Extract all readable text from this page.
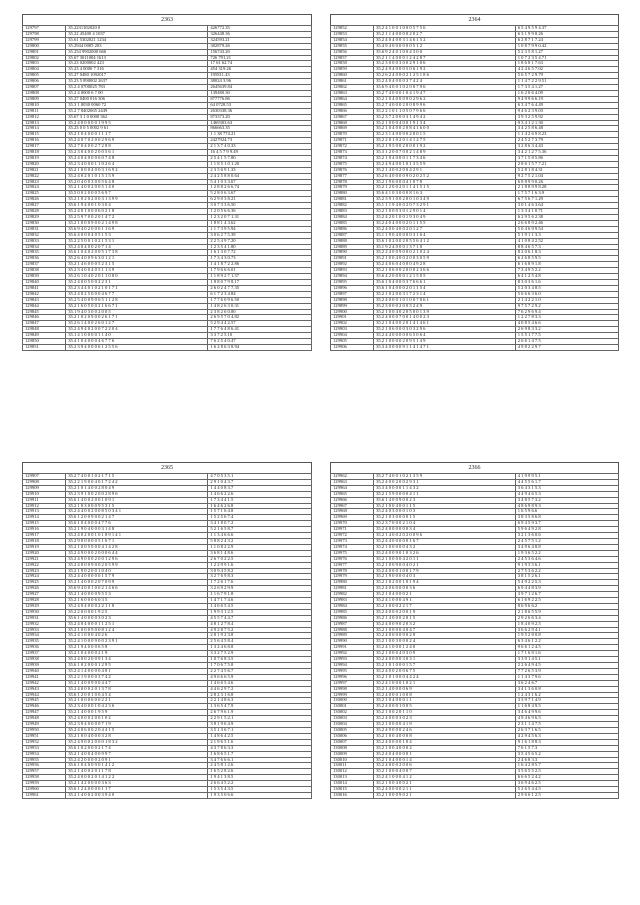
2363
129797	35.2231102020 0	426772.35
129798	35.22 45400 4 1037	326448.36
129799	35.61 5302021 1234	324593.21
129800	35.2944 0005 203	382879.26
129801	35.254 9902000 666	156743.20
129802	35.67 3011004 1613	726 791.21
129803	35.23 0200002 423	17 61 62.74
129804	35.23 4 0000 7 316	454 319.26
129805	35.27 0480 1092017	195811.43
129806	35.23 5 890002 2637	38024 3.96
129807	35.2 4 0700025 783	2645639.84
129808	35.2 4 0000 6 7 00	139480.30
129809	35.27 0400 016 306	877776.86
129810	35.3 1 0030 0060 72	64 0728.53
129811	35.2 7 8402065 2449	2630338.36
129812	35.67 3 1 0 0000 362	873373.20
129813	35.2 4 0 0 0 0 0 1 9 9 5	1469303.63
129814	35.23 0 0 5 0002 9 61	866663.35
129815	35.2 1 0 4 0 0 0 1 1 1 7	1 1 38 774.21
129816	35.2 4 0 7 0 2 0 0 2 9 6 9	2427924.73
129817	35.2 7 0 4 0 0 2 7 2 8 8	2 1 3 7 4 0.33
129818	35.2 3 0 4 0 0 2 0 0 5 6 1	16 4 5 7 9 9.49
129819	35.2 4 0 4 0 0 0 6 0 7 4 8	2 5 4 1 5 7.80
129820	35.2 3 4 0 0 0 1 1 0 2 6 4	1 1 8 5 1 0 1.20
129821	35.2 1 0 0 0 4 0 0 3 1 6 9 2	2 3 5 6 9 1.33
129822	35.2 4 0 2 0 1 0 1 5 1 5 9	2 4 2 5 8 8 0.64
129823	35.2 0 4 0 0 3 0 0 5 6 4 8	5 4 1 0 3 3.67
129824	35.2 1 4 0 0 2 0 0 5 1 4 0	1 2 8 8 2 6 6.74
129825	35.5 0 0 2 0 0 0 5 6 9 7	5 2 8 0 6 3.67
129826	35.2 1 0 2 0 2 0 0 3 1 3 9 9	6 2 9 0 3 8.21
129827	35.6 1 9 4 0 0 1 0 3 0 4	3 0 7 3 3 6.50
129828	35.2 4 0 1 0 0 0 6 0 2 1 8	1 2 0 5 6 6.36
129829	35.2 5 9 7 0 0 2 0 1 4 7 2	1 2 3 2 0 7 1.31
129830	35.2 1 0 0 0 9 0 0 2 1 4 9 8	1 8 8 1 4 3.62
129831	35.6 9 4 0 2 0 0 0 1 1 6 9	1 1 7 3 9 5.94
129832	35.6 4 0 0 0 4 0 5 1 5 3	3 0 6 2 7 5.39
129833	35.2 2 5 0 0 1 0 2 1 5 3 1	2 2 5 4 9 7.20
129834	35.2 4 0 4 0 0 2 0 7 1 4	1 2 3 5 4 1.80
129835	35.6 1 0 4 0 2 0 0 5 1 7 3 8	1 6 1 3 0 7.72
129836	35.2 6 4 0 0 9 6 3 0 1 2 1	1 7 3 4 3 0.73
129837	35.2 1 4 6 0 0 0 5 2 3 1 5	1 4 1 8 7 2 2.86
129838	35.2 3 4 0 0 4 0 5 1 1 3 9	1 7 9 6 6 6.01
129839	35.2 6 1 0 4 0 2 0 1 1 0 8 0	1 1 8 9 2 7 1.57
129840	35.2 4 0 0 5 0 0 2 2 3 1	1 8 8 0 7 9 8.17
129841	35.2 3 4 4 0 1 0 2 1 0 1 7 1	2 6 0 2 4 7 7.35
129842	35.2 4 0 2 5 0 0 0 4 6 7 7	6 1 7 2 3 4.84
129843	35.2 5 4 0 0 9 0 6 5 1 1 2 8	1 7 7 6 0 9 6.50
129844	35.2 1 6 0 5 0 0 2 1 6 6 7 1	1 4 8 2 6 3 0.31
129845	35.1 9 4 0 3 0 0 2 0 0 5	2 3 8 2 6 0.80
129846	35.2 1 0 2 0 9 0 0 2 6 1 7 1	2 6 9 5 7 0 4.82
129847	35.2 6 1 4 0 0 2 6 0 1 2 7	5 2 9 4 4 2.57
129848	35.2 4 9 4 0 2 0 0 7 2 2 0 4	1 7 7 6 4 8 6.41
129849	35.1 4 1 0 0 0 0 1 1 4 0	3 3 7 2 5.10
129850	35.4 1 0 4 0 0 0 4 6 7 7 6	7 6 2 5 4 0.47
129851	35.2 3 9 4 0 0 0 6 1 2 5 5 6	1 6 2 8 6 3 8.94
2364
129852	35.2 4 1 0 0 1 0 0 0 5 7 5 6	6 5 4 9 5 9 4.37
129853	35.2 1 1 4 0 0 0 0 2 0 2 7	6 3 1 9 9 8.26
129854	35.2 4 0 4 0 0 3 1 4 6 1 5 2	6 2 8 7 1 7.24
129855	35.4 9 4 0 0 0 0 0 0 5 1 2	1 0 8 7 9 9 0.42
129856	35.6 9 2 4 0 1 0 0 4 3 0 0	5 2 3 5 8 1.27
129857	35.2 1 1 4 0 0 0 1 2 4 2 8 7	1 0 7 2 3 5 4.71
129858	35.2 3 0 0 0 3 0 0 2 9 1 0 6	1 8 6 8 1 7.63
129859	35.2 4 9 4 0 0 0 5 0 6 1 9 2	4 2 4 6 5 7.02
129860	35.2 6 2 4 0 0 0 2 1 2 5 1 8 6	5 6 5 7 2 9.79
129861	35.2 4 0 4 0 0 0 3 7 4 2 4	1 1 4 7 2 2 9.51
129862	35.6 9 4 0 0 1 0 2 0 0 7 9 6	1 7 3 5 4 1.27
129863	35.2 7 4 0 0 0 1 0 4 1 9 4 7	1 6 2 0 6 4.09
129864	35.2 1 0 4 0 0 0 9 0 2 9 6 2	9 4 9 9 6 6.19
129865	35.2 7 4 0 0 0 2 0 0 8 9 9 6	6 3 4 7 6 4.49
129866	35.2 2 1 0 1 1 0 5 0 7 9 6 6	9 4 6 2 3 9.03
129867	35.2 3 7 2 0 0 0 3 1 4 9 4 2	3 9 3 2 5 9.92
129868	35.2 1 0 0 0 4 0 0 1 9 1 3 4	9 3 4 1 2 1.30
129869	35.2 1 0 4 0 0 2 0 8 4 1 6 0 0	3 4 2 5 8 6.48
129870	35.2 3 1 4 0 0 9 0 2 0 0 1 5	1 1 4 2 6 9 8.23
129871	35.2 2 0 1 0 2 0 1 4 1 2 7 5	2 4 5 2 7 3.79
129872	35.2 1 9 5 0 0 2 0 0 0 1 9 2	3 2 8 6 3 4.43
129873	35.3 1 2 0 0 7 0 0 2 1 4 8 9	3 4 2 1 2 7 5.36
129874	35.2 1 9 4 0 0 0 1 1 7 3 4 6	3 7 1 5 8 5.86
129875	35.2 4 9 4 0 0 1 0 1 3 5 5 9	2 8 6 1 5 7 7.21
129876	35.2 1 4 0 0 2 0 0 4 2 9 1	5 2 8 1 8 4.31
129877	35.2 6 4 0 0 0 0 9 0 2 0 2 5 2	9 2 7 5 2 1.04
129878	35.2 1 9 6 0 0 0 4 1 0 7 8	6 8 8 9 9 0.26
129879	35.2 1 2 0 0 2 0 1 1 4 1 5 1 5	2 1 8 8 9 9 8.28
129880	35.6 4 1 0 3 0 0 0 8 1 6 3	1 7 5 7 1 6 3.9
129881	35.2 3 9 1 0 0 2 0 0 1 0 3 4 9	6 7 5 6 7 1.29
129882	35.1 1 1 9 4 0 0 2 0 7 3 2 9 1	3 0 1 4 6 3.64
129883	35.2 1 0 0 0 3 0 1 2 9 0 1 4	1 3 3 4 1 0.71
129884	35.2 4 2 0 1 0 0 1 9 3 0 4 9	6 2 9 5 6 2.38
129885	35.2 4 0 4 0 0 0 2 0 1 1 5 5	2 6 6 8 9 2.46
129886	35.2 4 0 0 4 0 0 2 0 1 2 7	5 0 4 6 9 9.54
129887	35.1 1 9 0 4 0 0 0 0 3 1 6 4	5 1 9 1 1 3.3
129888	35.6 1 0 2 0 0 2 0 5 5 6 4 1 2	4 1 0 8 4 2.52
129889	35.1 9 2 4 0 0 0 1 3 7 1 0	8 8 4 6 5 7.3
129890	35.2 2 4 0 0 9 0 0 0 2 1 0 2 4	8 2 0 6 1 8.3
129891	35.2 1 0 0 4 0 0 2 0 0 3 0 5 9	6 2 6 8 5 9.5
129892	35.2 4 0 6 0 4 0 0 0 4 9 2 8	6 1 6 8 9 1.8
129893	35.2 1 0 6 0 0 2 0 0 0 2 3 6 6	7 3 4 9 5 2.2
129894	35.6 4 2 0 0 0 0 1 2 1 5 0 5	6 4 1 2 5 4.8
129895	35.6 1 0 4 0 0 0 3 7 6 6 6 1	8 3 0 3 6 1.6
129896	35.6 1 0 4 0 0 0 2 0 1 1 5 4	5 2 0 3 4 8.5
129897	35.2 1 0 2 0 0 3 1 7 2 3 1 4	5 6 6 6 3 6.0
129898	35.2 4 0 0 0 1 0 1 0 0 7 0 6 1	2 1 4 2 2 1.0
129899	35.2 3 0 0 0 2 0 0 5 2 4 9	9 7 5 7 2 9.2
129900	35.2 1 0 0 4 0 2 0 5 0 0 1 3 9	7 6 2 9 6 9.4
129901	35.2 4 0 0 0 7 0 0 1 4 0 0 2 3	1 2 2 7 8 3.3
129902	35.2 1 0 4 0 0 2 0 1 4 1 4 6 1	4 0 8 5 4 6.6
129903	35.2 1 0 6 0 0 0 3 0 3 2 9 6	2 6 9 8 3 3.2
129904	35.2 4 4 0 0 0 0 0 6 5 0 6 4	1 5 5 1 7 7.5
129905	35.2 1 0 0 0 0 2 0 9 5 1 4 9	2 6 6 1 4 7.5
129906	35.3 4 0 0 0 0 9 1 1 4 1 4 7 1	4 9 8 2 2 9.7
2365
129907	35.2 7 4 0 0 1 0 2 1 7 1 5	4 7 0 5 3 5.1
129908	35.2 2 1 9 0 0 4 0 1 7 2 4 2	2 9 1 0 4 3.7
129909	35.2 1 0 1 4 0 0 2 8 0 4 9	1 4 4 0 8 3.7
129910	35.2 3 9 1 0 0 2 0 0 2 8 9 6	1 4 6 6 2 2.6
129911	35.6 1 4 0 0 2 0 0 1 0 9 1	1 7 3 4 4 1.5
129912	35.2 1 0 3 0 0 0 9 5 3 1 5	1 6 4 6 2 6.8
129913	35.2 4 4 0 0 2 0 0 8 5 0 3 4 1	1 5 7 1 6 4.8
129914	35.6 1 2 0 0 9 0 0 2 1 4 7	1 5 2 5 6 7.4
129915	35.6 1 0 4 0 0 0 4 7 7 6	3 4 1 8 0 7.2
129916	35.2 1 9 0 4 0 0 0 3 1 4 8	5 2 1 6 5 8.7
129917	35.2 4 0 2 0 0 1 0 1 8 9 1 4 1	1 1 3 4 6 6.6
129918	35.2 9 0 0 0 0 0 5 1 6 7 1	5 8 8 2 4 3.2
129919	35.2 1 0 0 5 0 0 0 4 1 4 2 8	1 1 0 8 2 2.9
129920	35.2 4 9 0 0 0 2 0 0 0 6 4 4	3 6 8 1 4 8.6
129921	35.2 4 9 0 0 0 2 0 0 1 2 9 6	2 6 7 0 2 2.5
129922	35.2 4 0 0 0 9 0 0 2 0 5 9 9	1 2 2 9 9 1.6
129923	35.2 1 9 0 2 0 0 1 0 4 0	3 0 9 4 5 8.2
129924	35.2 4 4 0 0 0 0 0 1 5 7 9	3 2 7 6 9 8.3
129925	35.2 1 4 0 0 0 2 0 7 0 9 9	1 7 2 6 1 7.6
129926	35.6 9 4 0 0 1 0 0 2 1 4 6 6	3 2 6 9 2 9.9
129927	35.2 1 4 0 0 0 0 9 5 5 3	1 1 6 7 9 1.8
129928	35.2 1 6 0 0 0 6 0 3 5	1 4 7 1 7 4.6
129929	35.2 4 0 4 0 0 0 2 2 1 1 8	1 4 6 6 5 4.5
129930	35.2 2 0 0 0 0 1 9 2 5	1 9 9 3 1 2.5
129931	35.6 1 4 0 0 0 0 3 0 2 3	4 5 5 7 4 4.7
129932	35.2 4 0 4 0 0 0 1 1 2 5 1	4 8 1 2 7 8.4
129933	35.2 1 0 0 0 9 0 0 8 1 2 4	4 9 2 8 7 5.2
129934	35.2 4 1 0 0 0 4 0 2 6	2 8 1 9 2 3.8
129935	35.2 4 1 0 0 0 9 0 0 2 3 9 1	2 5 6 4 5 8.4
129936	35.2 1 9 4 0 0 0 6 5 8	1 3 2 4 6 8.8
129937	35.2 1 0 4 0 0 0 2 1 9	3 3 2 7 5 2.9
129938	35.2 4 0 0 2 0 0 9 1 3 4	1 0 7 6 8 3.5
129939	35.6 1 0 2 0 0 0 1 2 9 5	1 7 0 6 7 5.8
129940	35.2 4 1 4 0 0 0 0 4 8 1	2 2 7 4 5 6.7
129941	35.2 2 1 9 0 0 0 3 7 4 2	4 9 6 6 6 5.9
129942	35.2 1 4 0 0 9 0 0 4 4 7	1 4 6 6 5 4.6
129943	35.2 4 0 0 0 2 0 1 3 7 8	4 4 6 2 9 7.2
129944	35.6 1 2 0 0 1 0 0 4 5 4	2 8 2 3 1 6.8
129945	35.2 1 0 0 0 6 0 0 2 2 1	2 2 1 4 8 6.3
129946	35.2 3 4 0 0 0 1 0 4 2 3 6	1 3 6 5 4 7.9
129947	35.2 1 4 0 0 0 1 9 5 9	2 6 7 9 6 1.9
129948	35.2 4 0 0 0 2 0 0 1 0 2	2 2 9 1 5 2.1
129949	35.2 3 9 4 0 0 0 0 7 1 9	3 8 1 9 6 4.9
129950	35.2 4 0 6 0 0 2 0 4 4 1 5	3 5 1 3 6 7.1
129951	35.2 1 0 0 4 0 0 0 3 2 8	1 4 8 6 4 2.5
129952	35.2 4 9 0 0 2 0 0 0 1 8 3 2	2 1 9 6 5 1.6
129953	35.6 1 0 2 0 0 0 2 1 7 4	4 3 7 8 6 3.3
129954	35.2 1 4 0 0 4 0 0 9 9 7	1 6 8 6 5 1.7
129955	35.2 4 2 0 0 0 0 2 0 9 1	3 4 7 6 6 6.1
129956	35.6 1 0 4 0 0 9 0 1 4 1 2	2 4 5 8 1 2.6
129957	35.2 1 4 0 0 2 0 1 1 7 8	1 6 5 2 8 2.6
129958	35.2 4 0 0 0 2 0 1 4 1 2 2	1 9 4 1 3 8.5
129959	35.2 1 4 2 0 0 0 0 3 6 3	2 6 6 4 5 2.2
129960	35.6 1 2 4 0 0 0 0 1 1 7	1 5 3 5 4 3.5
129961	35.2 1 4 0 0 2 0 0 3 9 4 0	1 9 3 5 0 6.6
2366
129962	35.2 7 4 0 0 1 0 2 1 3 5 9	4 1 9 9 9 5.1
129963	35.2 4 0 0 2 0 0 2 9 3 1	4 4 5 5 6 1.7
129964	35.3 4 0 0 0 0 1 1 4 3 2	3 6 4 3 1 5.3
129965	35.2 1 5 9 0 0 0 0 4 1 1	4 4 9 4 6 5.3
129966	35.6 1 4 0 0 9 0 0 2 3	3 4 8 5 7 3.2
129967	35.2 1 0 0 4 0 0 1 1 5	4 8 6 9 8 9.3
129968	35.2 4 0 3 0 0 0 1 0 3	1 6 5 9 6.6
129969	35.2 1 0 3 0 0 0 0 1 5	3 8 3 5 8 6.8
129970	35.2 3 7 0 0 0 2 1 0 4	6 9 4 5 9 3.7
129971	35.2 4 0 0 0 0 0 0 3 4	5 9 6 4 9 2.8
129972	35.2 1 4 0 0 2 0 2 0 0 9 6	3 2 1 3 6 0.6
129973	35.2 4 4 0 0 0 0 0 1 6 7	2 4 5 7 5 1.2
129974	35.2 1 0 0 0 0 0 4 3 2	3 4 9 6 4 8.8
129975	35.2 4 0 0 9 0 1 0 3 2 6	1 9 3 6 5 2.2
129976	35.2 1 0 0 0 0 4 2 0 1 1	2 4 5 3 6 4.6
129977	35.2 1 0 0 9 0 0 4 0 2 1	9 1 9 3 5 6.1
129978	35.2 4 0 0 0 1 0 0 1 7 9	2 7 5 3 6 2.2
129979	35.2 1 9 0 0 0 0 4 0 3	3 8 1 5 2 6.1
129980	35.2 1 0 2 0 0 1 0 1 9 4	5 4 9 2 2 5.3
129981	35.2 4 0 6 0 0 0 0 3 6	6 9 4 4 8 3.9
129982	35.2 1 0 4 0 0 0 2 1	3 9 7 1 2 6.7
129983	35.2 4 1 0 0 0 4 9 1	6 1 6 9 2 2.5
129984	35.2 1 0 0 0 2 2 1 7	8 6 9 6 6.2
129985	35.2 4 0 0 0 2 0 0 1 9	2 1 8 6 5 5.9
129986	35.2 1 4 0 0 0 2 0 1 5	2 9 2 6 6 3.4
129987	35.2 4 0 0 9 0 2 0 3 2	1 8 4 0 9 2.5
129988	35.2 1 0 0 0 0 4 0 4 7	3 6 6 2 9 4.1
129989	35.2 4 0 0 0 0 9 0 2 9	1 9 5 2 8 0.8
129990	35.2 1 0 0 3 0 0 0 2 4	6 3 4 6 1 2.2
129991	35.2 4 1 0 0 0 1 2 4 0	9 6 6 1 2 4.5
129992	35.2 1 0 0 0 4 0 3 0 9	1 7 1 6 9 1.6
129993	35.2 4 0 0 0 0 3 0 3 1	3 3 9 1 4 5.1
129994	35.2 1 0 1 0 0 0 1 5 7	2 2 6 4 9 4.5
129995	35.2 4 0 0 2 0 0 6 7 5	7 7 2 6 5 3.9
129996	35.2 1 0 1 0 0 0 4 4 2 4	1 1 4 3 7 9.6
129997	35.2 4 1 0 0 0 1 0 2 1	3 6 2 4 6.7
129998	35.2 1 4 0 0 0 0 6 9	3 4 1 3 6 0.8
129999	35.2 4 0 0 0 1 0 0 8	1 2 4 3 1 6.2
130000	35.2 1 0 4 0 0 0 1 1	3 3 9 7 1 4.9
130001	35.2 4 0 0 0 1 0 0 5	1 1 6 8 4 9.5
130002	35.2 1 0 0 2 0 1 1 0	3 4 6 4 9 9.6
130003	35.2 4 0 0 0 3 0 2 3	4 9 4 6 9 6.5
130004	35.2 1 0 0 0 0 4 1 9	2 3 1 1 4 7.5
130005	35.2 4 9 0 0 0 2 4 6	2 6 3 7 1 6.5
130006	35.2 1 0 0 4 0 0 0 8	4 2 9 4 5 6.3
130007	35.2 4 0 0 0 0 1 0 4	9 1 6 1 8 8.3
130008	35.2 1 0 0 4 0 0 0 2	7 6 1 5 7.3
130009	35.2 4 0 4 0 0 0 0 1	3 5 4 5 6 5.2
130010	35.2 1 0 4 0 0 0 1 4	2 4 6 8 3.3
130011	35.2 4 0 0 0 2 0 0 6	1 6 4 2 8 5.7
130012	35.2 1 0 0 0 4 0 0 7	3 5 6 5 5 2.5
130013	35.2 4 1 0 0 0 4 1 2	6 6 6 5 2 4.2
130014	35.2 1 0 0 4 0 0 2 1	3 6 9 4 6 2.5
130015	35.2 4 0 0 0 0 2 1 1	5 2 6 5 4 4.5
130016	35.2 1 0 0 0 9 0 2 1	2 9 6 6 1 2.5
